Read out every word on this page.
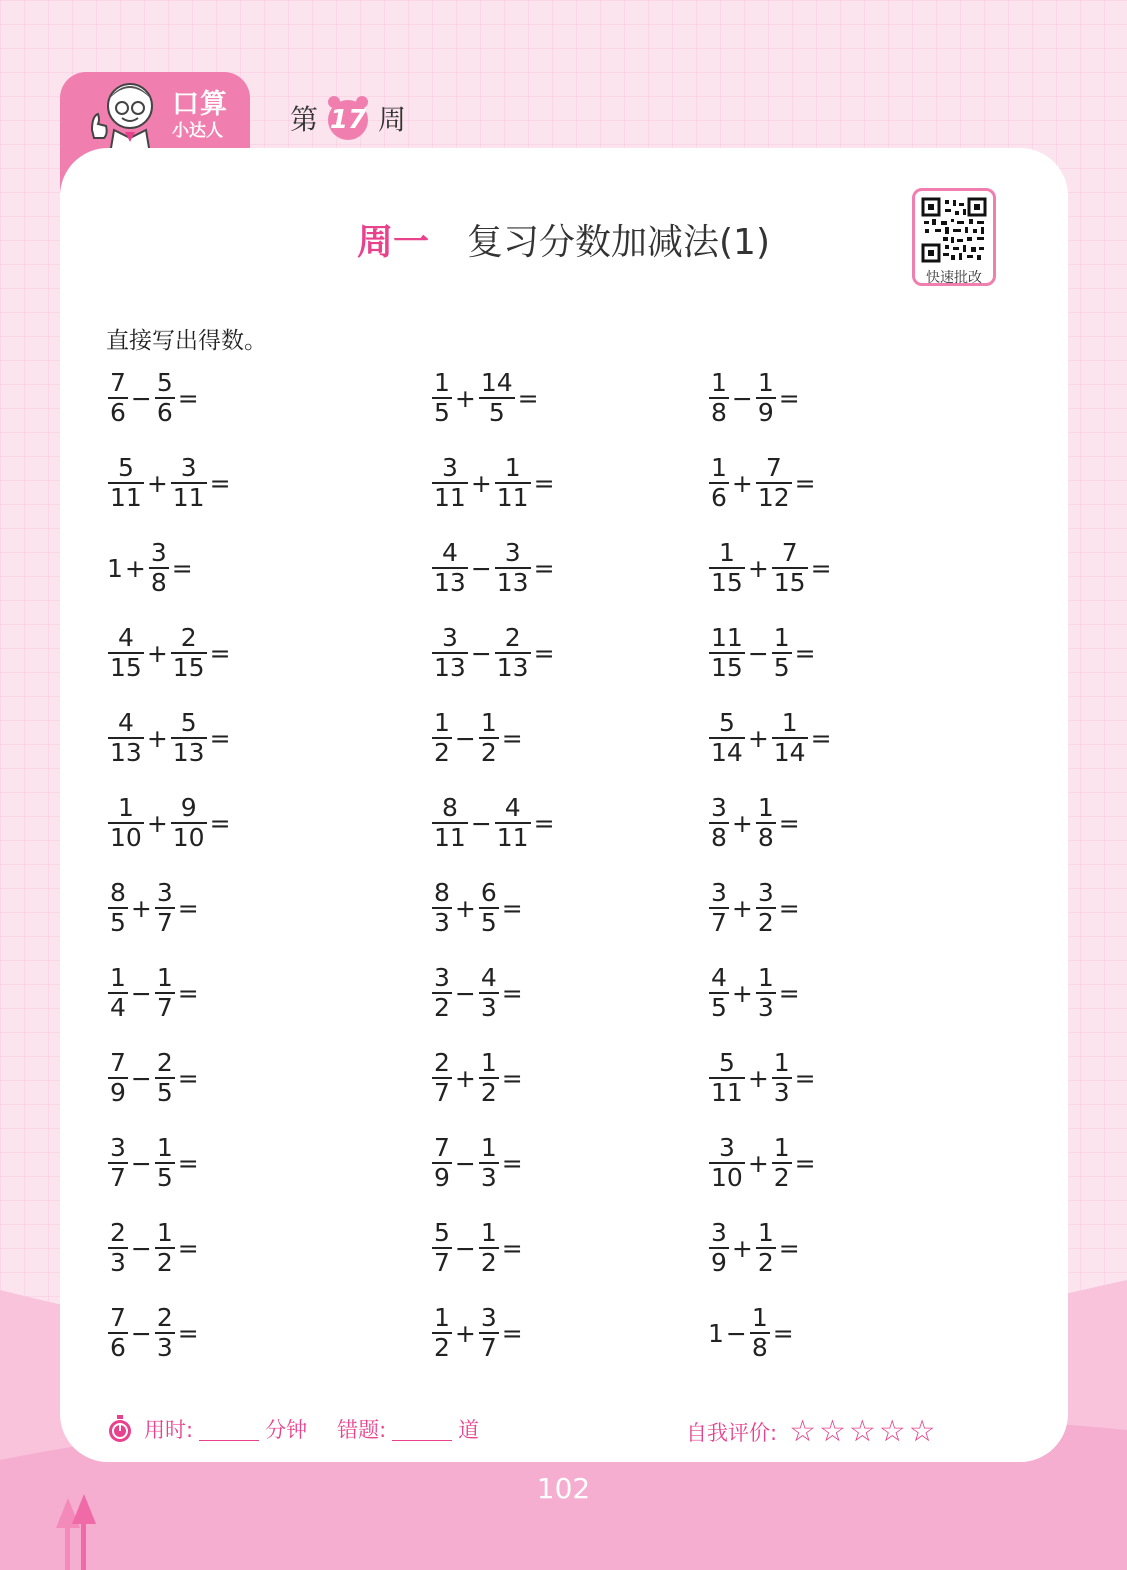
口算
小达人 第 17 周
周一 复习分数加减法(1)
快速批改
直接写出得数。
$\frac{7}{6} - \frac{5}{6}$ =
$\frac{5}{11} + \frac{3}{11}$ =
$1 + \frac{3}{8}$ =
$\frac{4}{15} + \frac{2}{15}$ =
$\frac{4}{13} + \frac{5}{13}$ =
$\frac{1}{10} + \frac{9}{10}$ =
$\frac{8}{5} + \frac{3}{7}$ =
$\frac{1}{4} - \frac{1}{7}$ =
$\frac{7}{9} - \frac{2}{5}$ =
$\frac{3}{7} - \frac{1}{5}$ =
$\frac{2}{3} - \frac{1}{2}$ =
$\frac{7}{6} - \frac{2}{3}$ =
$\frac{1}{5} + \frac{14}{5}$ =
$\frac{3}{11} + \frac{1}{11}$ =
$\frac{4}{13} - \frac{3}{13}$ =
$\frac{3}{13} - \frac{2}{13}$ =
$\frac{1}{2} - \frac{1}{2}$ =
$\frac{8}{11} - \frac{4}{11}$ =
$\frac{8}{3} + \frac{6}{5}$ =
$\frac{3}{2} - \frac{4}{3}$ =
$\frac{2}{7} + \frac{1}{2}$ =
$\frac{7}{9} - \frac{1}{3}$ =
$\frac{5}{7} - \frac{1}{2}$ =
$\frac{1}{2} + \frac{3}{7}$ =
$\frac{1}{8} - \frac{1}{9}$ =
$\frac{1}{6} + \frac{7}{12}$ =
$\frac{1}{15} + \frac{7}{15}$ =
$\frac{11}{15} - \frac{1}{5}$ =
$\frac{5}{14} + \frac{1}{14}$ =
$\frac{3}{8} + \frac{1}{8}$ =
$\frac{3}{7} + \frac{3}{2}$ =
$\frac{4}{5} + \frac{1}{3}$ =
$\frac{5}{11} + \frac{1}{3}$ =
$\frac{3}{10} + \frac{1}{2}$ =
$\frac{3}{9} + \frac{1}{2}$ =
$1 - \frac{1}{8}$ =
用时:	分钟 错题:	道	自我评价: ☆☆☆☆☆
102
